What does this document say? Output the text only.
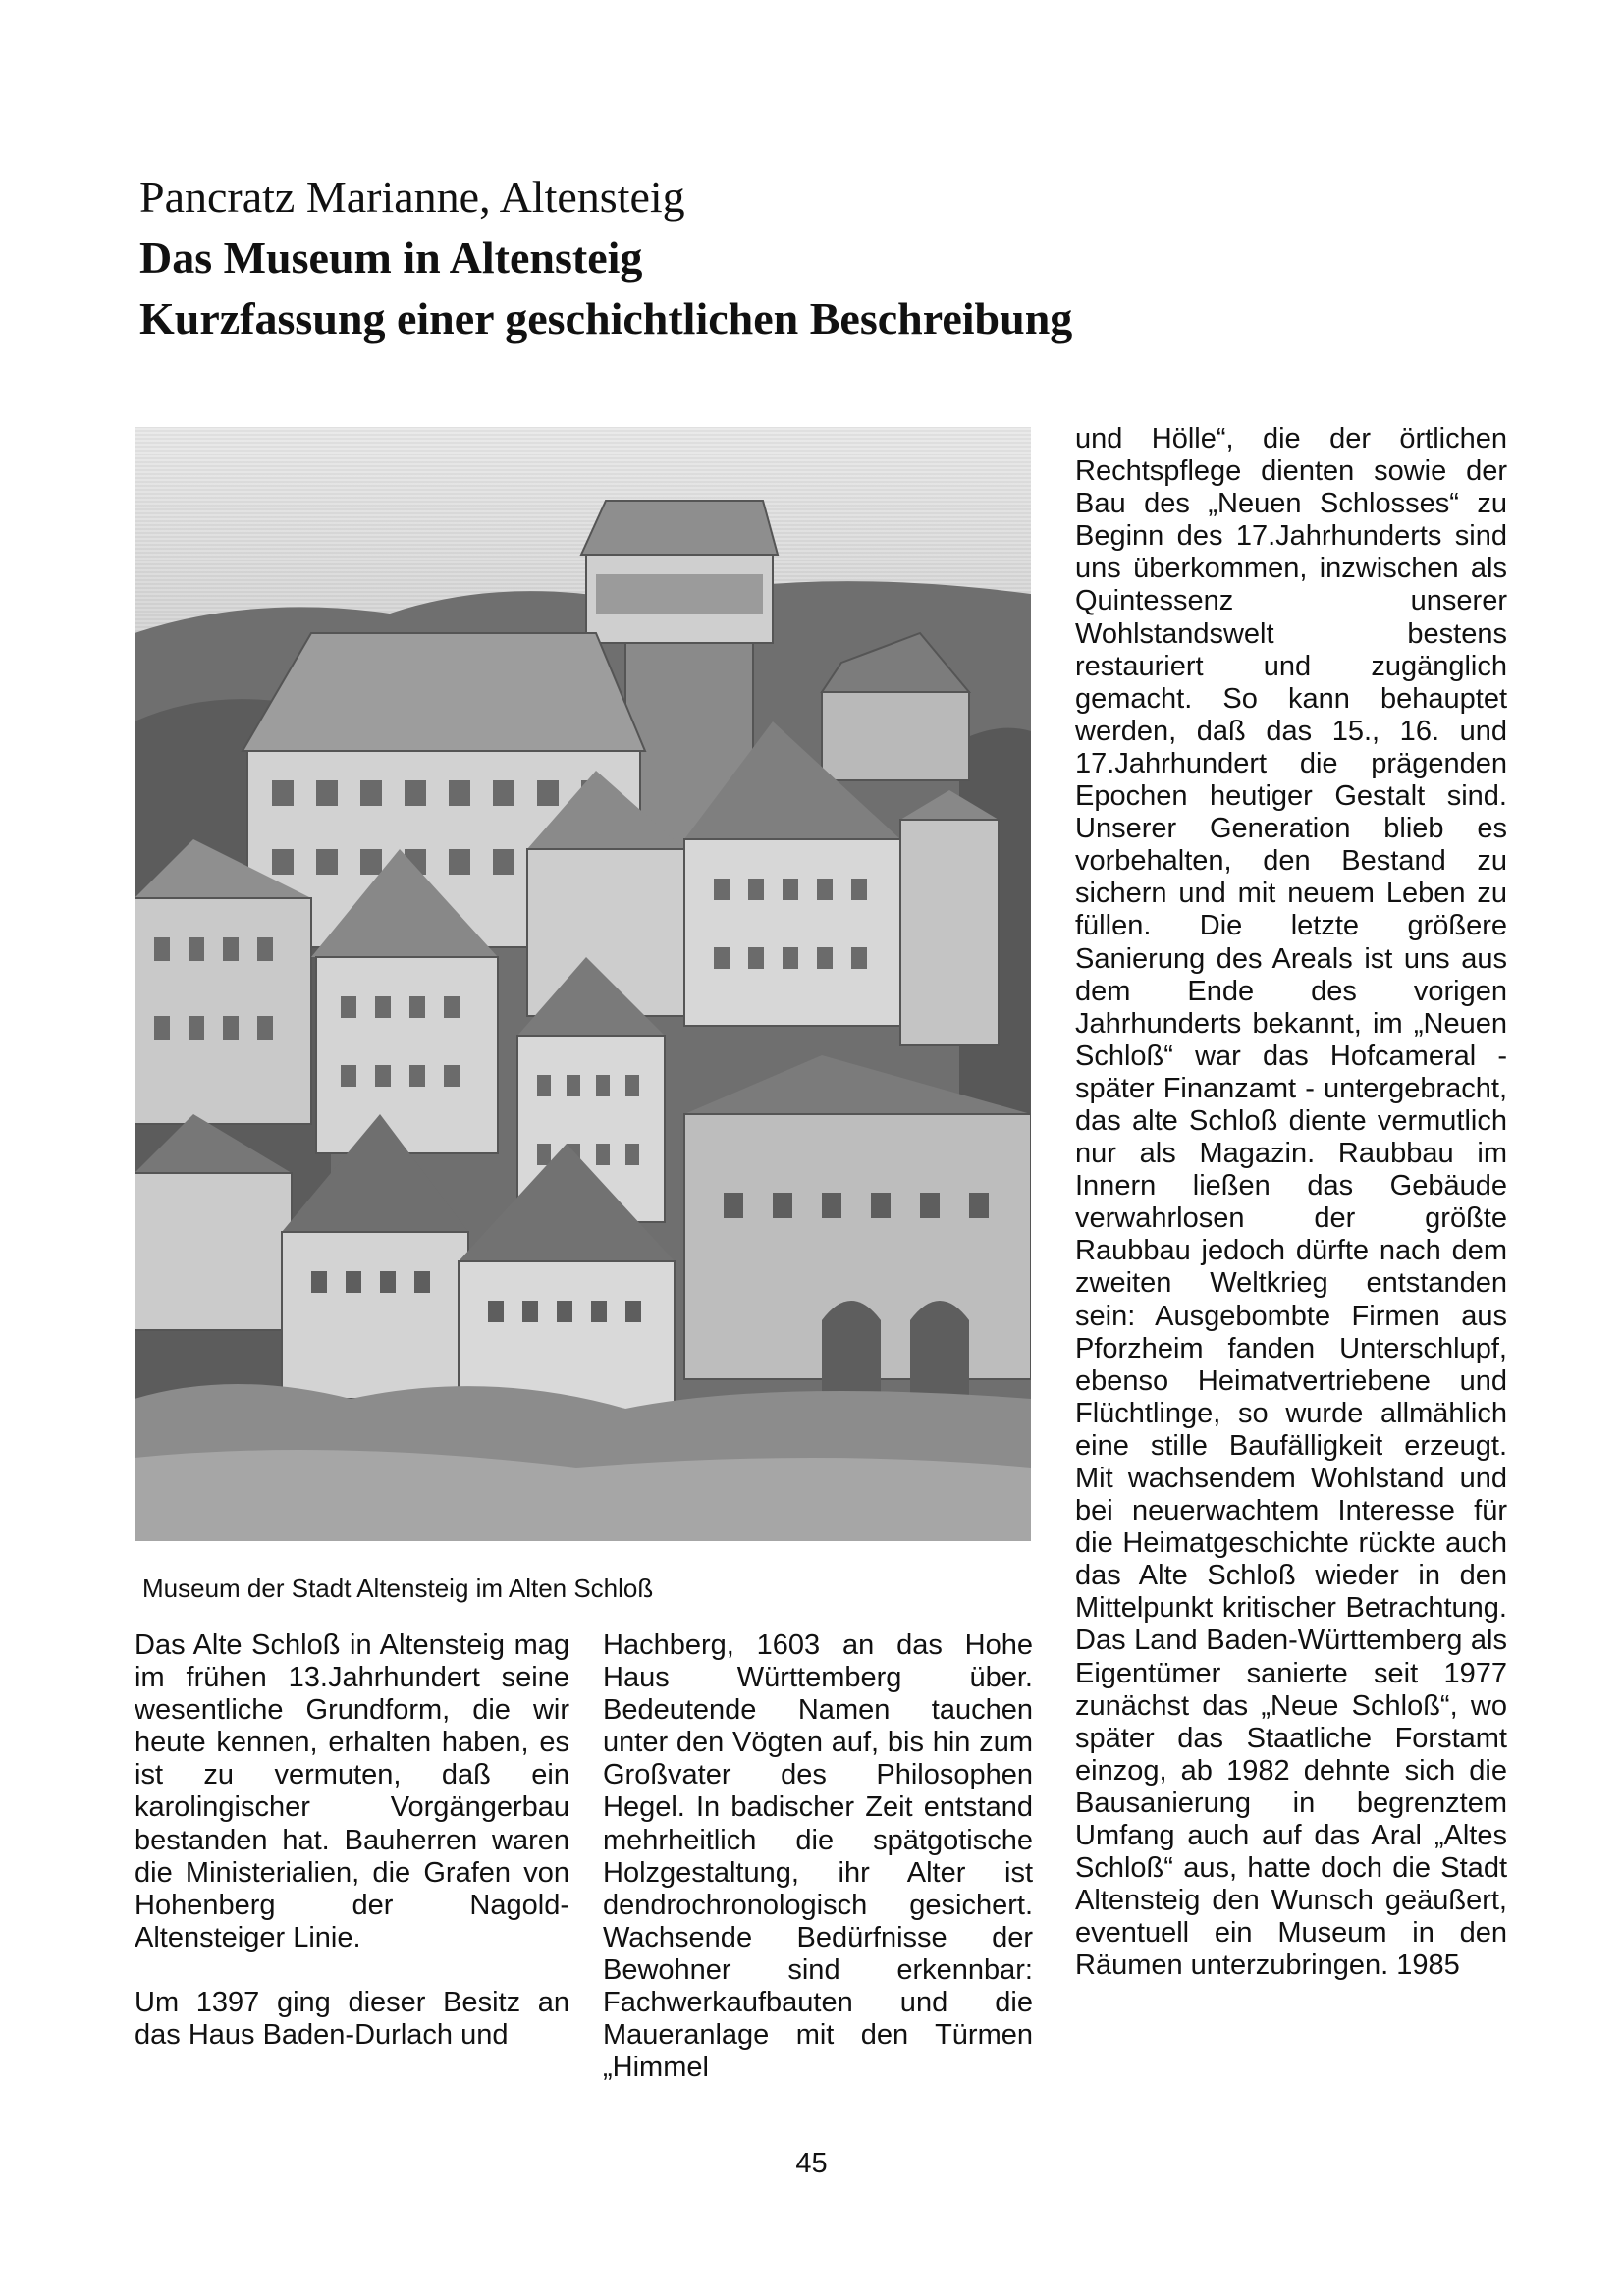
Pancratz Marianne, Altensteig
Das Museum in Altensteig
Kurzfassung einer geschichtlichen Beschreibung
Museum der Stadt Altensteig im Alten Schloß

Das Alte Schloß in Altensteig mag im frühen 13.Jahrhundert seine wesentliche Grundform, die wir heute kennen, erhalten haben, es ist zu vermuten, daß ein karolingischer Vorgängerbau bestanden hat. Bauherren waren die Ministerialien, die Grafen von Hohenberg der Nagold-Altensteiger Linie.

Um 1397 ging dieser Besitz an das Haus Baden-Durlach und

Hachberg, 1603 an das Hohe Haus Württemberg über. Bedeutende Namen tauchen unter den Vögten auf, bis hin zum Großvater des Philosophen Hegel. In badischer Zeit entstand mehrheitlich die spätgotische Holzgestaltung, ihr Alter ist dendrochronologisch gesichert. Wachsende Bedürfnisse der Bewohner sind erkennbar: Fachwerkaufbauten und die Maueranlage mit den Türmen „Himmel

und Hölle“, die der örtlichen Rechtspflege dienten sowie der Bau des „Neuen Schlosses“ zu Beginn des 17.Jahrhunderts sind uns überkommen, inzwischen als Quintessenz unserer Wohlstandswelt bestens restauriert und zugänglich gemacht. So kann behauptet werden, daß das 15., 16. und 17.Jahrhundert die prägenden Epochen heutiger Gestalt sind. Unserer Generation blieb es vorbehalten, den Bestand zu sichern und mit neuem Leben zu füllen. Die letzte größere Sanierung des Areals ist uns aus dem Ende des vorigen Jahrhunderts bekannt, im „Neuen Schloß“ war das Hofcameral - später Finanzamt - untergebracht, das alte Schloß diente vermutlich nur als Magazin. Raubbau im Innern ließen das Gebäude verwahrlosen der größte Raubbau jedoch dürfte nach dem zweiten Weltkrieg entstanden sein: Ausgebombte Firmen aus Pforzheim fanden Unterschlupf, ebenso Heimatvertriebene und Flüchtlinge, so wurde allmählich eine stille Baufälligkeit erzeugt. Mit wachsendem Wohlstand und bei neuerwachtem Interesse für die Heimatgeschichte rückte auch das Alte Schloß wieder in den Mittelpunkt kritischer Betrachtung. Das Land Baden-Württemberg als Eigentümer sanierte seit 1977 zunächst das „Neue Schloß“, wo später das Staatliche Forstamt einzog, ab 1982 dehnte sich die Bausanierung in begrenztem Umfang auch auf das Aral „Altes Schloß“ aus, hatte doch die Stadt Altensteig den Wunsch geäußert, eventuell ein Museum in den Räumen unterzubringen. 1985

45
